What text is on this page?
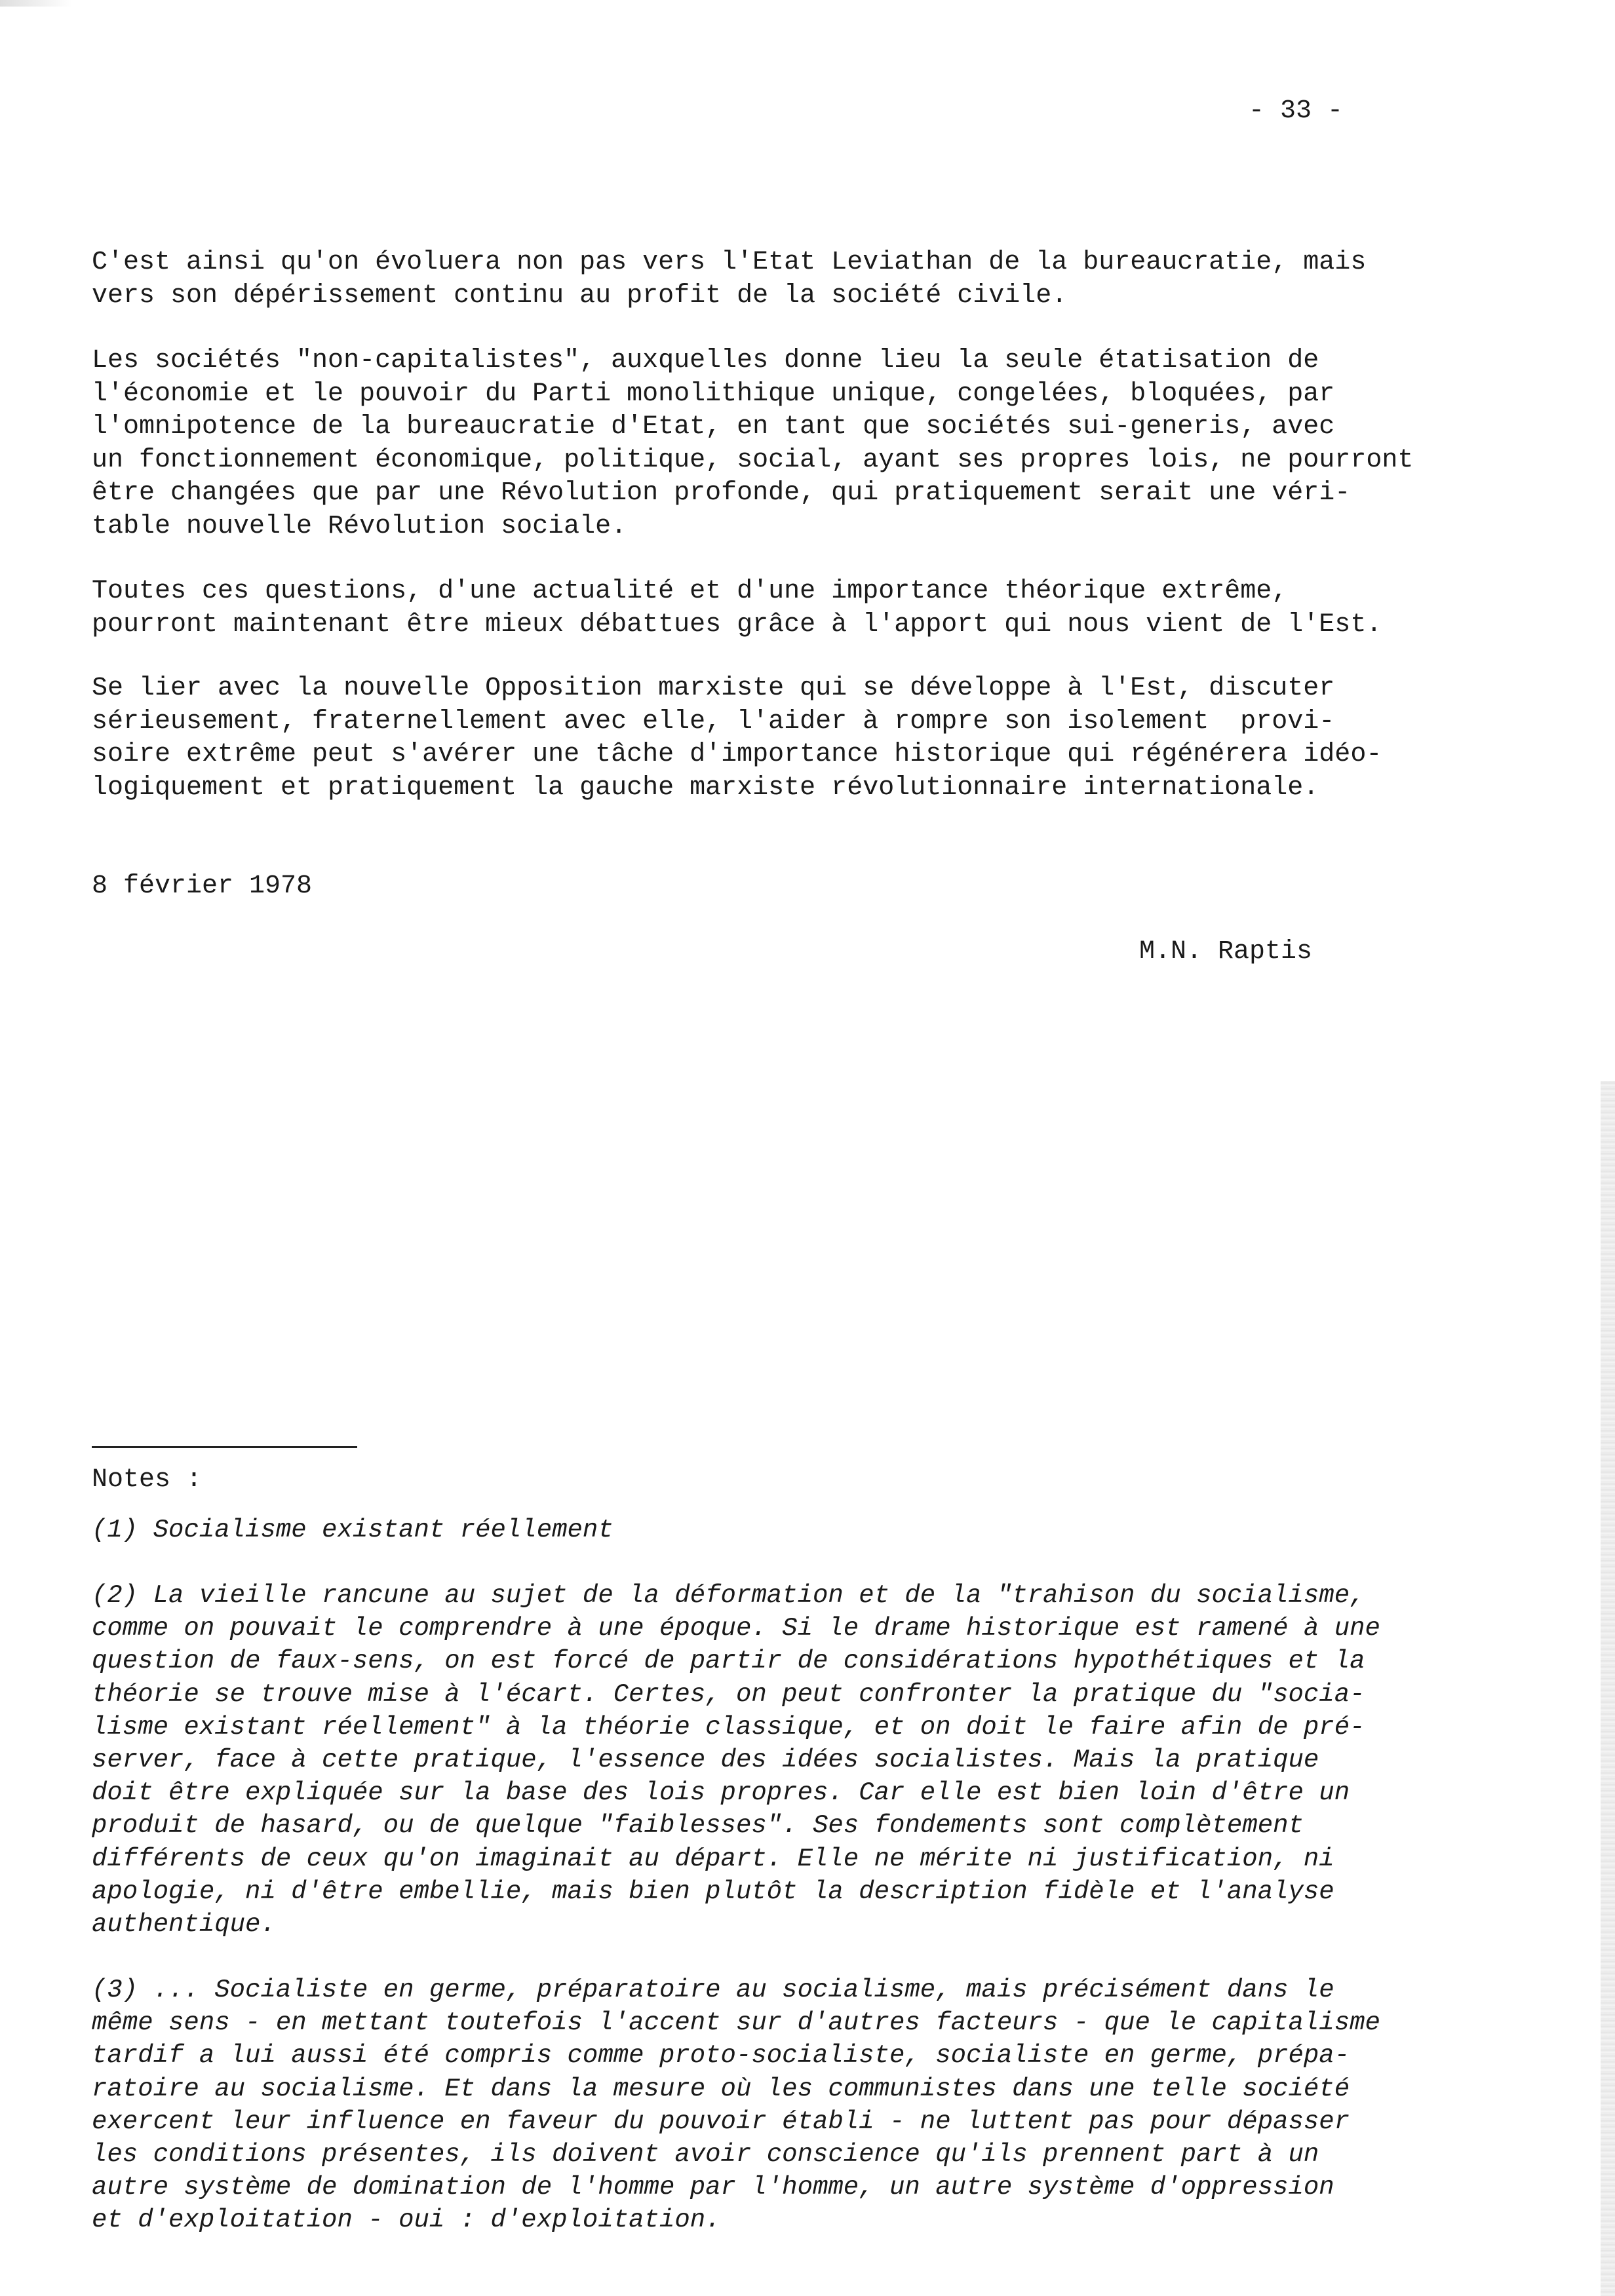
- 33 -

C'est ainsi qu'on évoluera non pas vers l'Etat Leviathan de la bureaucratie, mais
vers son dépérissement continu au profit de la société civile.

Les sociétés "non-capitalistes", auxquelles donne lieu la seule étatisation de
l'économie et le pouvoir du Parti monolithique unique, congelées, bloquées, par
l'omnipotence de la bureaucratie d'Etat, en tant que sociétés sui-generis, avec
un fonctionnement économique, politique, social, ayant ses propres lois, ne pourront
être changées que par une Révolution profonde, qui pratiquement serait une véri-
table nouvelle Révolution sociale.

Toutes ces questions, d'une actualité et d'une importance théorique extrême,
pourront maintenant être mieux débattues grâce à l'apport qui nous vient de l'Est.

Se lier avec la nouvelle Opposition marxiste qui se développe à l'Est, discuter
sérieusement, fraternellement avec elle, l'aider à rompre son isolement  provi-
soire extrême peut s'avérer une tâche d'importance historique qui régénérera idéo-
logiquement et pratiquement la gauche marxiste révolutionnaire internationale.

8 février 1978
M.N. Raptis
Notes :

(1) Socialisme existant réellement

(2) La vieille rancune au sujet de la déformation et de la "trahison du socialisme,
comme on pouvait le comprendre à une époque. Si le drame historique est ramené à une
question de faux-sens, on est forcé de partir de considérations hypothétiques et la
théorie se trouve mise à l'écart. Certes, on peut confronter la pratique du "socia-
lisme existant réellement" à la théorie classique, et on doit le faire afin de pré-
server, face à cette pratique, l'essence des idées socialistes. Mais la pratique
doit être expliquée sur la base des lois propres. Car elle est bien loin d'être un
produit de hasard, ou de quelque "faiblesses". Ses fondements sont complètement
différents de ceux qu'on imaginait au départ. Elle ne mérite ni justification, ni
apologie, ni d'être embellie, mais bien plutôt la description fidèle et l'analyse
authentique.

(3) ... Socialiste en germe, préparatoire au socialisme, mais précisément dans le
même sens - en mettant toutefois l'accent sur d'autres facteurs - que le capitalisme
tardif a lui aussi été compris comme proto-socialiste, socialiste en germe, prépa-
ratoire au socialisme. Et dans la mesure où les communistes dans une telle société
exercent leur influence en faveur du pouvoir établi - ne luttent pas pour dépasser
les conditions présentes, ils doivent avoir conscience qu'ils prennent part à un
autre système de domination de l'homme par l'homme, un autre système d'oppression
et d'exploitation - oui : d'exploitation.
